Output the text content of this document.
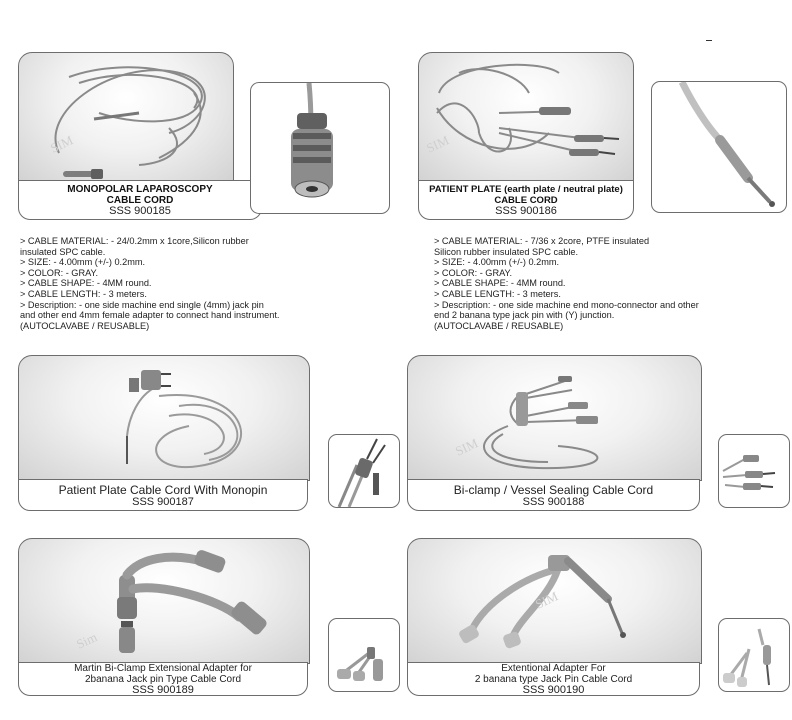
SIM
MONOPOLAR LAPAROSCOPY
CABLE CORD
SSS 900185
> CABLE MATERIAL: - 24/0.2mm x 1core,Silicon rubber
insulated SPC cable.
> SIZE: - 4.00mm (+/-) 0.2mm.
> COLOR: - GRAY.
> CABLE SHAPE: - 4MM round.
> CABLE LENGTH: - 3 meters.
> Description: - one side machine end single (4mm) jack pin
and other end 4mm female adapter to connect hand instrument.
(AUTOCLAVABE / REUSABLE)
SIM
PATIENT PLATE (earth plate / neutral plate)
CABLE CORD
SSS 900186
> CABLE MATERIAL: - 7/36 x 2core, PTFE insulated
Silicon rubber insulated SPC cable.
> SIZE: - 4.00mm (+/-) 0.2mm.
> COLOR: - GRAY.
> CABLE SHAPE: - 4MM round.
> CABLE LENGTH: - 3 meters.
> Description: - one side machine end mono-connector and other
end 2 banana type jack pin with (Y) junction.
(AUTOCLAVABE / REUSABLE)
Patient Plate Cable Cord With Monopin
SSS 900187
SIM
Bi-clamp / Vessel Sealing Cable Cord
SSS 900188
Sim
Martin Bi-Clamp Extensional Adapter for
2banana Jack pin Type Cable Cord
SSS 900189
SIM
Extentional Adapter For
2 banana type Jack Pin Cable Cord
SSS 900190
